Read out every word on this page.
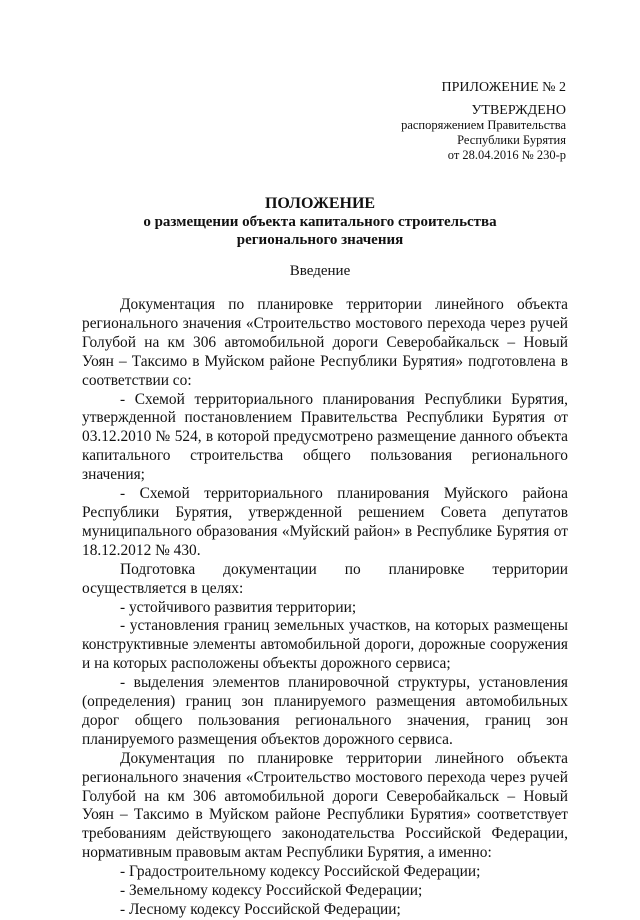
ПРИЛОЖЕНИЕ № 2
УТВЕРЖДЕНО
распоряжением Правительства
Республики Бурятия
от 28.04.2016 № 230-р
ПОЛОЖЕНИЕ
о размещении объекта капитального строительства
регионального значения
Введение

Документация по планировке территории линейного объекта регионального значения «Строительство мостового перехода через ручей Голубой на км 306 автомобильной дороги Северобайкальск – Новый Уоян – Таксимо в Муйском районе Республики Бурятия» подготовлена в соответствии со:

- Схемой территориального планирования Республики Бурятия, утвержденной постановлением Правительства Республики Бурятия от 03.12.2010 № 524, в которой предусмотрено размещение данного объекта капитального строительства общего пользования регионального значения;

- Схемой территориального планирования Муйского района Республики Бурятия, утвержденной решением Совета депутатов муниципального образования «Муйский район» в Республике Бурятия от 18.12.2012 № 430.

Подготовка документации по планировке территории осуществляется в целях:

- устойчивого развития территории;

- установления границ земельных участков, на которых размещены конструктивные элементы автомобильной дороги, дорожные сооружения и на которых расположены объекты дорожного сервиса;

- выделения элементов планировочной структуры, установления (определения) границ зон планируемого размещения автомобильных дорог общего пользования регионального значения, границ зон планируемого размещения объектов дорожного сервиса.

Документация по планировке территории линейного объекта регионального значения «Строительство мостового перехода через ручей Голубой на км 306 автомобильной дороги Северобайкальск – Новый Уоян – Таксимо в Муйском районе Республики Бурятия» соответствует требованиям действующего законодательства Российской Федерации, нормативным правовым актам Республики Бурятия, а именно:

- Градостроительному кодексу Российской Федерации;

- Земельному кодексу Российской Федерации;

- Лесному кодексу Российской Федерации;
